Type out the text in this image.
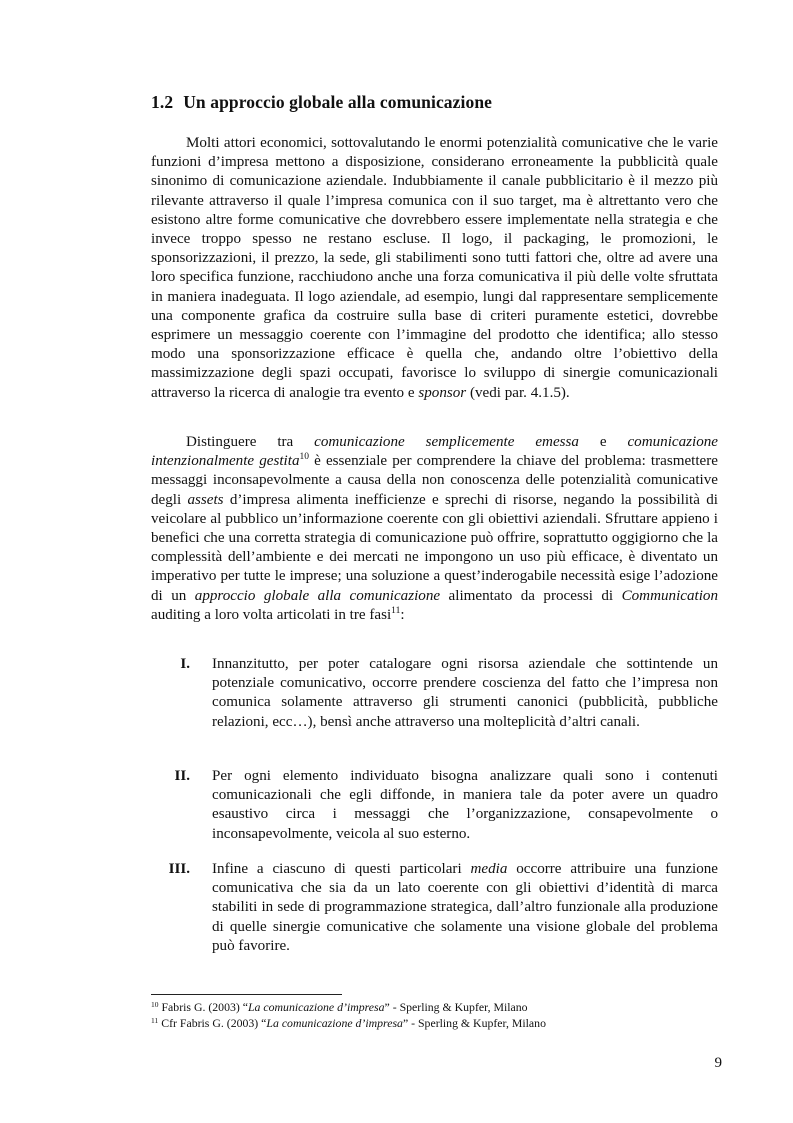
1.2 Un approccio globale alla comunicazione

Molti attori economici, sottovalutando le enormi potenzialità comunicative che le varie funzioni d’impresa mettono a disposizione, considerano erroneamente la pubblicità quale sinonimo di comunicazione aziendale. Indubbiamente il canale pubblicitario è il mezzo più rilevante attraverso il quale l’impresa comunica con il suo target, ma è altrettanto vero che esistono altre forme comunicative che dovrebbero essere implementate nella strategia e che invece troppo spesso ne restano escluse. Il logo, il packaging, le promozioni, le sponsorizzazioni, il prezzo, la sede, gli stabilimenti sono tutti fattori che, oltre ad avere una loro specifica funzione, racchiudono anche una forza comunicativa il più delle volte sfruttata in maniera inadeguata. Il logo aziendale, ad esempio, lungi dal rappresentare semplicemente una componente grafica da costruire sulla base di criteri puramente estetici, dovrebbe esprimere un messaggio coerente con l’immagine del prodotto che identifica; allo stesso modo una sponsorizzazione efficace è quella che, andando oltre l’obiettivo della massimizzazione degli spazi occupati, favorisce lo sviluppo di sinergie comunicazionali attraverso la ricerca di analogie tra evento e sponsor (vedi par. 4.1.5).

Distinguere tra comunicazione semplicemente emessa e comunicazione intenzionalmente gestita$^{10}$ è essenziale per comprendere la chiave del problema: trasmettere messaggi inconsapevolmente a causa della non conoscenza delle potenzialità comunicative degli assets d’impresa alimenta inefficienze e sprechi di risorse, negando la possibilità di veicolare al pubblico un’informazione coerente con gli obiettivi aziendali. Sfruttare appieno i benefici che una corretta strategia di comunicazione può offrire, soprattutto oggigiorno che la complessità dell’ambiente e dei mercati ne impongono un uso più efficace, è diventato un imperativo per tutte le imprese; una soluzione a quest’inderogabile necessità esige l’adozione di un approccio globale alla comunicazione alimentato da processi di Communication auditing a loro volta articolati in tre fasi$^{11}$:

I. Innanzitutto, per poter catalogare ogni risorsa aziendale che sottintende un potenziale comunicativo, occorre prendere coscienza del fatto che l’impresa non comunica solamente attraverso gli strumenti canonici (pubblicità, pubbliche relazioni, ecc…), bensì anche attraverso una molteplicità d’altri canali.

II. Per ogni elemento individuato bisogna analizzare quali sono i contenuti comunicazionali che egli diffonde, in maniera tale da poter avere un quadro esaustivo circa i messaggi che l’organizzazione, consapevolmente o inconsapevolmente, veicola al suo esterno.

III. Infine a ciascuno di questi particolari media occorre attribuire una funzione comunicativa che sia da un lato coerente con gli obiettivi d’identità di marca stabiliti in sede di programmazione strategica, dall’altro funzionale alla produzione di quelle sinergie comunicative che solamente una visione globale del problema può favorire.

$^{10}$ Fabris G. (2003) “La comunicazione d’impresa” - Sperling & Kupfer, Milano
$^{11}$ Cfr Fabris G. (2003) “La comunicazione d’impresa” - Sperling & Kupfer, Milano
9
